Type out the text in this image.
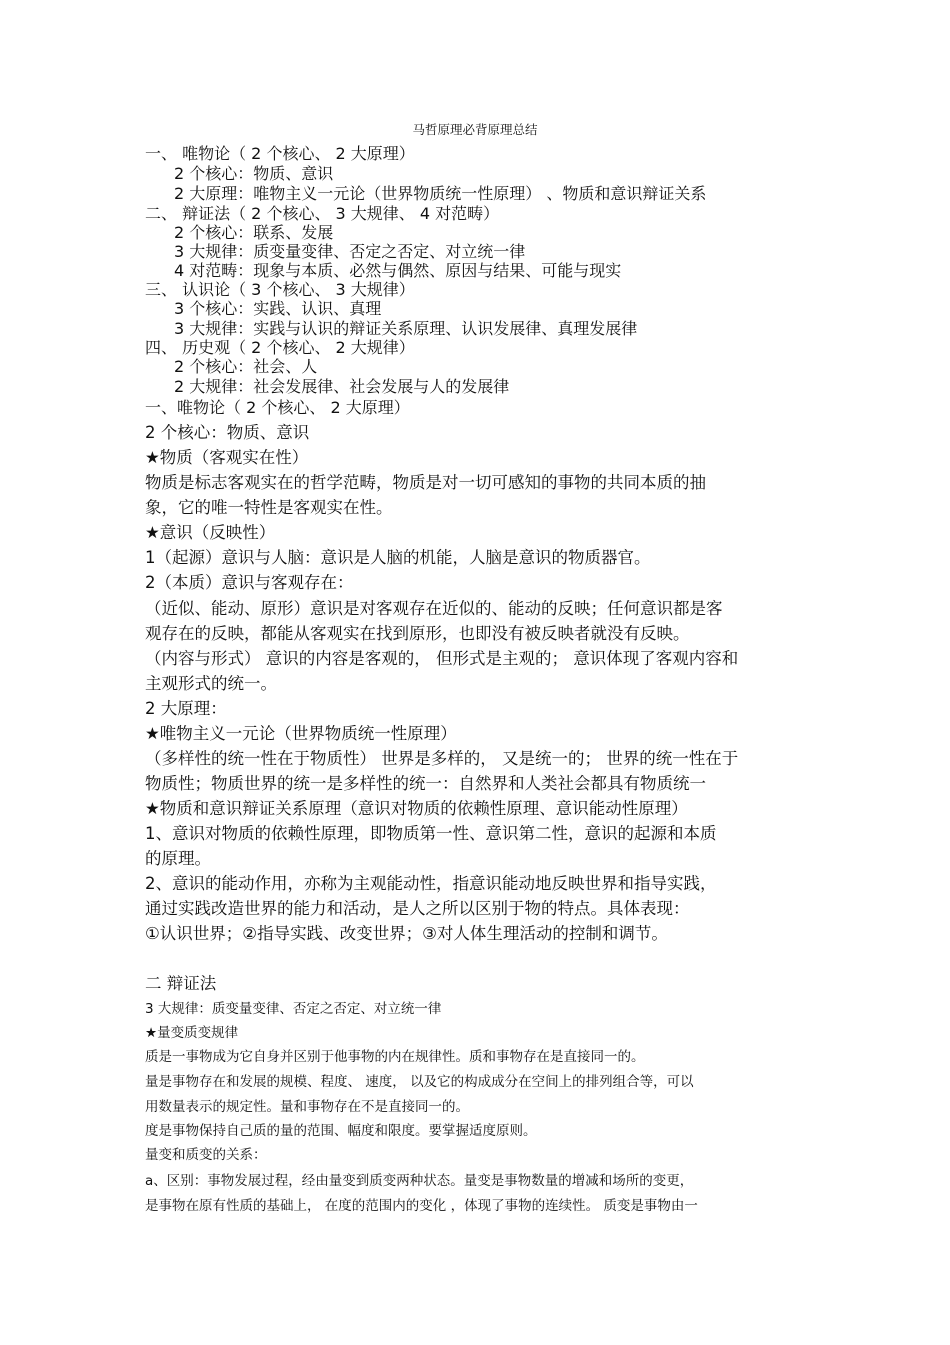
马哲原理必背原理总结
一、 唯物论（ 2 个核心、 2 大原理）
2 个核心：物质、意识
2 大原理：唯物主义一元论（世界物质统一性原理） 、物质和意识辩证关系
二、 辩证法（ 2 个核心、 3 大规律、 4 对范畴）
2 个核心：联系、发展
3 大规律：质变量变律、否定之否定、对立统一律
4 对范畴：现象与本质、必然与偶然、原因与结果、可能与现实
三、 认识论（ 3 个核心、 3 大规律）
3 个核心：实践、认识、真理
3 大规律：实践与认识的辩证关系原理、认识发展律、真理发展律
四、 历史观（ 2 个核心、 2 大规律）
2 个核心：社会、人
2 大规律：社会发展律、社会发展与人的发展律
一、唯物论（ 2 个核心、 2 大原理）
2 个核心：物质、意识
★物质（客观实在性）
物质是标志客观实在的哲学范畴，物质是对一切可感知的事物的共同本质的抽
象，它的唯一特性是客观实在性。
★意识（反映性）
1（起源）意识与人脑：意识是人脑的机能，人脑是意识的物质器官。
2（本质）意识与客观存在：
（近似、能动、原形）意识是对客观存在近似的、能动的反映；任何意识都是客
观存在的反映，都能从客观实在找到原形，也即没有被反映者就没有反映。
（内容与形式） 意识的内容是客观的， 但形式是主观的； 意识体现了客观内容和
主观形式的统一。
2 大原理：
★唯物主义一元论（世界物质统一性原理）
（多样性的统一性在于物质性） 世界是多样的， 又是统一的； 世界的统一性在于
物质性；物质世界的统一是多样性的统一：自然界和人类社会都具有物质统一
★物质和意识辩证关系原理（意识对物质的依赖性原理、意识能动性原理）
1、意识对物质的依赖性原理，即物质第一性、意识第二性，意识的起源和本质
的原理。
2、意识的能动作用，亦称为主观能动性，指意识能动地反映世界和指导实践，
通过实践改造世界的能力和活动，是人之所以区别于物的特点。具体表现：
①认识世界；②指导实践、改变世界；③对人体生理活动的控制和调节。
二 辩证法
3 大规律：质变量变律、否定之否定、对立统一律
★量变质变规律
质是一事物成为它自身并区别于他事物的内在规律性。质和事物存在是直接同一的。
量是事物存在和发展的规模、程度、 速度， 以及它的构成成分在空间上的排列组合等，可以
用数量表示的规定性。量和事物存在不是直接同一的。
度是事物保持自己质的量的范围、幅度和限度。要掌握适度原则。
量变和质变的关系：
a、区别：事物发展过程，经由量变到质变两种状态。量变是事物数量的增减和场所的变更，
是事物在原有性质的基础上， 在度的范围内的变化 ，体现了事物的连续性。 质变是事物由一
